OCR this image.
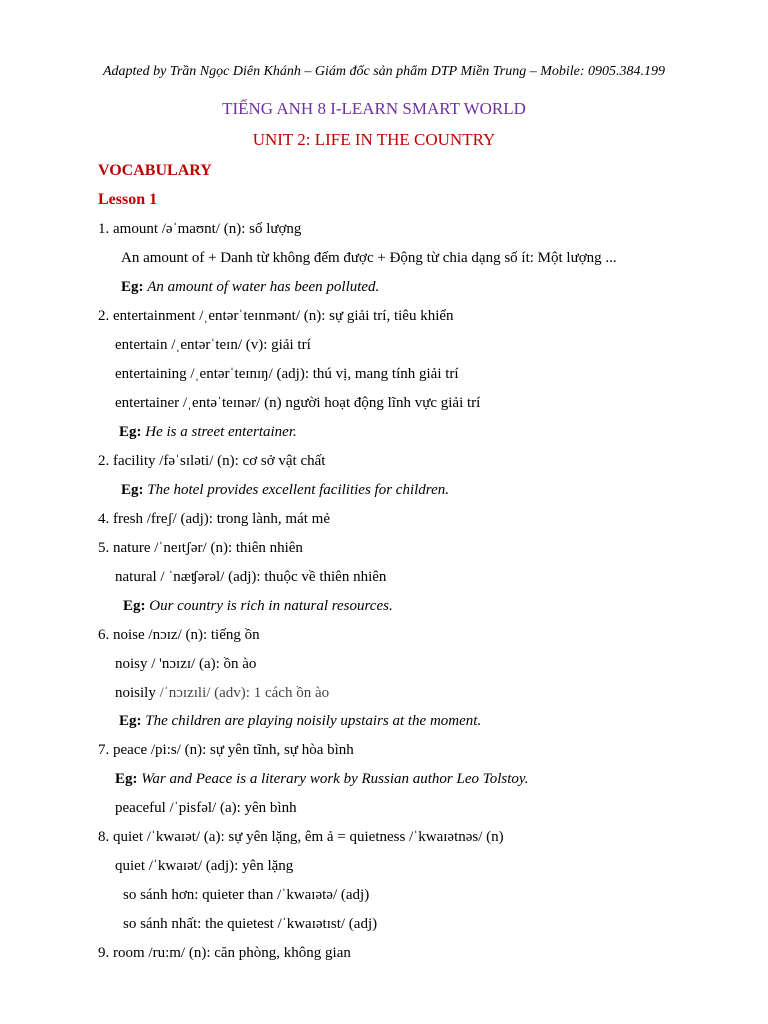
Adapted by Trần Ngọc Diên Khánh – Giám đốc sản phẩm DTP Miền Trung – Mobile: 0905.384.199
TIẾNG ANH 8 I-LEARN SMART WORLD
UNIT 2: LIFE IN THE COUNTRY
VOCABULARY
Lesson 1
1. amount /əˈmaʊnt/ (n): số lượng
An amount of + Danh từ không đếm được + Động từ chia dạng số ít: Một lượng ...
Eg: An amount of water has been polluted.
2. entertainment /ˌentərˈteɪnmənt/ (n): sự giải trí, tiêu khiển
entertain /ˌentərˈteɪn/ (v): giải trí
entertaining /ˌentərˈteɪnɪŋ/ (adj): thú vị, mang tính giải trí
entertainer /ˌentəˈteɪnər/ (n) người hoạt động lĩnh vực giải trí
Eg: He is a street entertainer.
2. facility /fəˈsɪləti/ (n): cơ sở vật chất
Eg: The hotel provides excellent facilities for children.
4. fresh /freʃ/ (adj): trong lành, mát mẻ
5. nature /ˈneɪtʃər/ (n): thiên nhiên
natural / ˈnæʧərəl/ (adj): thuộc về thiên nhiên
Eg: Our country is rich in natural resources.
6. noise /nɔɪz/ (n): tiếng ồn
noisy / 'nɔɪzɪ/ (a): ồn ào
noisily /ˈnɔɪzɪli/ (adv): 1 cách ồn ào
Eg: The children are playing noisily upstairs at the moment.
7. peace /pi:s/ (n): sự yên tĩnh, sự hòa bình
Eg: War and Peace is a literary work by Russian author Leo Tolstoy.
peaceful /ˈpisfəl/ (a): yên bình
8. quiet /ˈkwaɪət/ (a): sự yên lặng, êm ả = quietness /ˈkwaɪətnəs/ (n)
quiet /ˈkwaɪət/ (adj): yên lặng
so sánh hơn: quieter than /ˈkwaɪətə/ (adj)
so sánh nhất: the quietest /ˈkwaɪətɪst/ (adj)
9. room /ru:m/ (n): căn phòng, không gian
